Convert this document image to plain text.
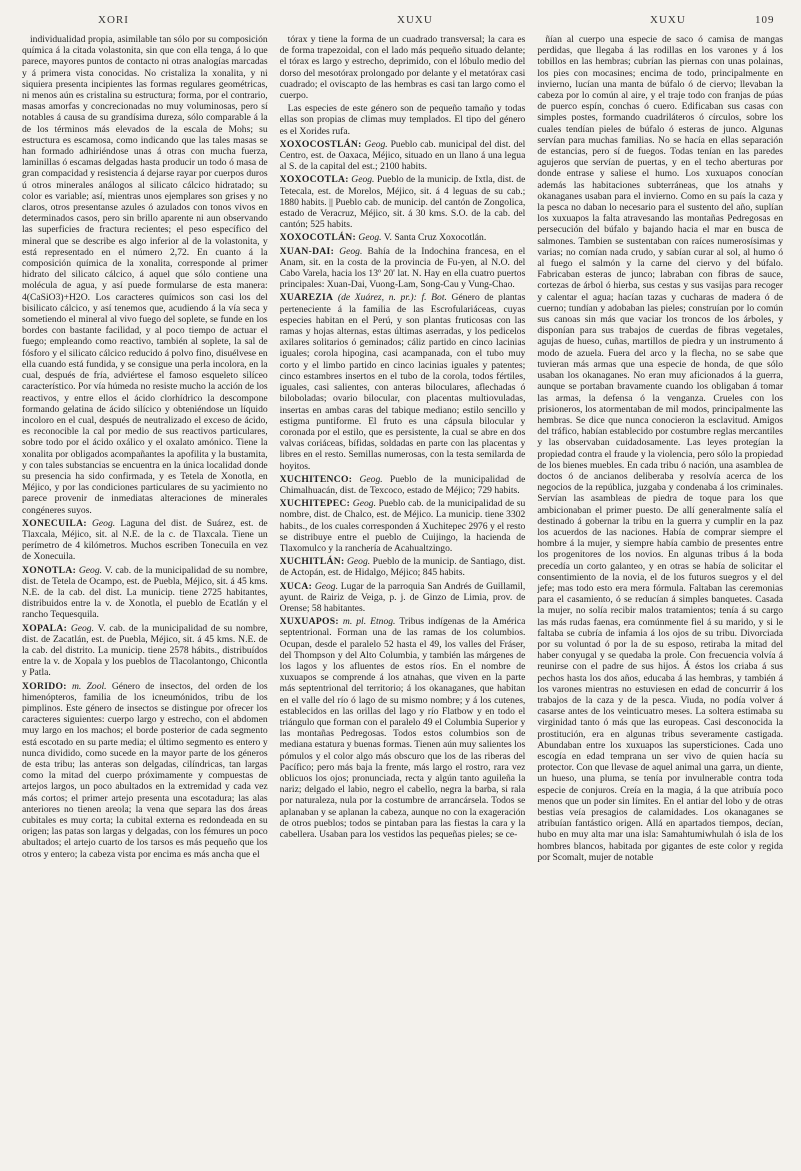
XORI	XUXU	XUXU	109

individualidad propia, asimilable tan sólo por su composición química á la citada volastonita, sin que con ella tenga, á lo que parece, mayores puntos de contacto ni otras analogías marcadas y á primera vista conocidas. No cristaliza la xonalita, y ni siquiera presenta incipientes las formas regulares geométricas, ni menos aún es cristalina su estructura; forma, por el contrario, masas amorfas y concrecionadas no muy voluminosas, pero sí notables á causa de su grandísima dureza, sólo comparable á la de los términos más elevados de la escala de Mohs; su estructura es escamosa, como indicando que las tales masas se han formado adhiriéndose unas á otras con mucha fuerza, laminillas ó escamas delgadas hasta producir un todo ó masa de gran compacidad y resistencia á dejarse rayar por cuerpos duros ú otros minerales análogos al silicato cálcico hidratado; su color es variable; así, mientras unos ejemplares son grises y no claros, otros presentanse azules ó azulados con tonos vivos en determinados casos, pero sin brillo aparente ni aun observando las superficies de fractura recientes; el peso específico del mineral que se describe es algo inferior al de la volastonita, y está representado en el número 2,72. En cuanto á la composición química de la xonalita, corresponde al primer hidrato del silicato cálcico, á aquel que sólo contiene una molécula de agua, y así puede formularse de esta manera: 4(CaSiO3)+H2O. Los caracteres químicos son casi los del bisilicato cálcico, y así tenemos que, acudiendo á la vía seca y sometiendo el mineral al vivo fuego del soplete, se funde en los bordes con bastante facilidad, y al poco tiempo de actuar el fuego; empleando como reactivo, también al soplete, la sal de fósforo y el silicato cálcico reducido á polvo fino, disuélvese en ella cuando está fundida, y se consigue una perla incolora, en la cual, después de fría, adviértese el famoso esqueleto silíceo característico. Por vía húmeda no resiste mucho la acción de los reactivos, y entre ellos el ácido clorhídrico la descompone formando gelatina de ácido silícico y obteniéndose un líquido incoloro en el cual, después de neutralizado el exceso de ácido, es reconocible la cal por medio de sus reactivos particulares, sobre todo por el ácido oxálico y el oxalato amónico. Tiene la xonalita por obligados acompañantes la apofilita y la bustamita, y con tales substancias se encuentra en la única localidad donde su presencia ha sido confirmada, y es Tetela de Xonotla, en Méjico, y por las condiciones particulares de su yacimiento no parece provenir de inmediatas alteraciones de minerales congéneres suyos.

XONECUILA: Geog. Laguna del dist. de Suárez, est. de Tlaxcala, Méjico, sit. al N.E. de la c. de Tlaxcala. Tiene un perímetro de 4 kilómetros. Muchos escriben Tonecuila en vez de Xonecuila.

XONOTLA: Geog. V. cab. de la municipalidad de su nombre, dist. de Tetela de Ocampo, est. de Puebla, Méjico, sit. á 45 kms. N.E. de la cab. del dist. La municip. tiene 2725 habitantes, distribuidos entre la v. de Xonotla, el pueblo de Ecatlán y el rancho Tequesquila.

XOPALA: Geog. V. cab. de la municipalidad de su nombre, dist. de Zacatlán, est. de Puebla, Méjico, sit. á 45 kms. N.E. de la cab. del distrito. La municip. tiene 2578 hábits., distribuídos entre la v. de Xopala y los pueblos de Tlacolantongo, Chicontla y Patla.

XORIDO: m. Zool. Género de insectos, del orden de los himenópteros, familia de los icneumónidos, tribu de los pimplinos. Este género de insectos se distingue por ofrecer los caracteres siguientes: cuerpo largo y estrecho, con el abdomen muy largo en los machos; el borde posterior de cada segmento está escotado en su parte media; el último segmento es entero y nunca dividido, como sucede en la mayor parte de los géneros de esta tribu; las anteras son delgadas, cilíndricas, tan largas como la mitad del cuerpo próximamente y compuestas de artejos largos, un poco abultados en la extremidad y cada vez más cortos; el primer artejo presenta una escotadura; las alas anteriores no tienen areola; la vena que separa las dos áreas cubitales es muy corta; la cubital externa es redondeada en su origen; las patas son largas y delgadas, con los fémures un poco abultados; el artejo cuarto de los tarsos es más pequeño que los otros y entero; la cabeza vista por encima es más ancha que el

tórax y tiene la forma de un cuadrado transversal; la cara es de forma trapezoidal, con el lado más pequeño situado delante; el tórax es largo y estrecho, deprimido, con el lóbulo medio del dorso del mesotórax prolongado por delante y el metatórax casi cuadrado; el oviscapto de las hembras es casi tan largo como el cuerpo.

Las especies de este género son de pequeño tamaño y todas ellas son propias de climas muy templados. El tipo del género es el Xorides rufa.

XOXOCOSTLÁN: Geog. Pueblo cab. municipal del dist. del Centro, est. de Oaxaca, Méjico, situado en un llano á una legua al S. de la capital del est.; 2100 habits.

XOXOCOTLA: Geog. Pueblo de la municip. de Ixtla, dist. de Tetecala, est. de Morelos, Méjico, sit. á 4 leguas de su cab.; 1880 habits. || Pueblo cab. de municip. del cantón de Zongolica, estado de Veracruz, Méjico, sit. á 30 kms. S.O. de la cab. del cantón; 525 habits.

XOXOCOTLÁN: Geog. V. Santa Cruz Xoxocotlán.

XUAN-DAI: Geog. Bahía de la Indochina francesa, en el Anam, sit. en la costa de la provincia de Fu-yen, al N.O. del Cabo Varela, hacia los 13º 20' lat. N. Hay en ella cuatro puertos principales: Xuan-Dai, Vuong-Lam, Song-Cau y Vung-Chao.

XUAREZIA (de Xuárez, n. pr.): f. Bot. Género de plantas perteneciente á la familia de las Escrofulariáceas, cuyas especies habitan en el Perú, y son plantas fruticosas con las ramas y hojas alternas, estas últimas aserradas, y los pedicelos axilares solitarios ó geminados; cáliz partido en cinco lacinias iguales; corola hipogina, casi acampanada, con el tubo muy corto y el limbo partido en cinco lacinias iguales y patentes; cinco estambres insertos en el tubo de la corola, todos fértiles, iguales, casi salientes, con anteras biloculares, aflechadas ó biloboladas; ovario bilocular, con placentas multiovuladas, insertas en ambas caras del tabique mediano; estilo sencillo y estigma puntiforme. El fruto es una cápsula bilocular y coronada por el estilo, que es persistente, la cual se abre en dos valvas coriáceas, bífidas, soldadas en parte con las placentas y libres en el resto. Semillas numerosas, con la testa semilarda de hoyitos.

XUCHITENCO: Geog. Pueblo de la municipalidad de Chimalhuacán, dist. de Texcoco, estado de Méjico; 729 habits.

XUCHITEPEC: Geog. Pueblo cab. de la municipalidad de su nombre, dist. de Chalco, est. de Méjico. La municip. tiene 3302 habits., de los cuales corresponden á Xuchitepec 2976 y el resto se distribuye entre el pueblo de Cuijingo, la hacienda de Tlaxomulco y la ranchería de Acahualtzingo.

XUCHITLÁN: Geog. Pueblo de la municip. de Santiago, dist. de Actopán, est. de Hidalgo, Méjico; 845 habits.

XUCA: Geog. Lugar de la parroquia San Andrés de Guillamil, ayunt. de Rairiz de Veiga, p. j. de Ginzo de Limia, prov. de Orense; 58 habitantes.

XUXUAPOS: m. pl. Etnog. Tribus indígenas de la América septentrional. Forman una de las ramas de los columbios. Ocupan, desde el paralelo 52 hasta el 49, los valles del Fráser, del Thompson y del Alto Columbia, y también las márgenes de los lagos y los afluentes de estos ríos. En el nombre de xuxuapos se comprende á los atnahas, que viven en la parte más septentrional del territorio; á los okanaganes, que habitan en el valle del río ó lago de su mismo nombre; y á los cutenes, establecidos en las orillas del lago y río Flatbow y en todo el triángulo que forman con el paralelo 49 el Columbia Superior y las montañas Pedregosas. Todos estos columbios son de mediana estatura y buenas formas. Tienen aún muy salientes los pómulos y el color algo más obscuro que los de las riberas del Pacífico; pero más baja la frente, más largo el rostro, rara vez oblicuos los ojos; pronunciada, recta y algún tanto aguileña la nariz; delgado el labio, negro el cabello, negra la barba, si rala por naturaleza, nula por la costumbre de arrancársela. Todos se aplanaban y se aplanan la cabeza, aunque no con la exageración de otros pueblos; todos se pintaban para las fiestas la cara y la cabellera. Usaban para los vestidos las pequeñas pieles; se ce-

ñían al cuerpo una especie de saco ó camisa de mangas perdidas, que llegaba á las rodillas en los varones y á los tobillos en las hembras; cubrían las piernas con unas polainas, los pies con mocasines; encima de todo, principalmente en invierno, lucían una manta de búfalo ó de ciervo; llevaban la cabeza por lo común al aire, y el traje todo con franjas de púas de puerco espín, conchas ó cuero. Edificaban sus casas con simples postes, formando cuadriláteros ó círculos, sobre los cuales tendían pieles de búfalo ó esteras de junco. Algunas servían para muchas familias. No se hacía en ellas separación de estancias, pero sí de fuegos. Todas tenían en las paredes agujeros que servían de puertas, y en el techo aberturas por donde entrase y saliese el humo. Los xuxuapos conocían además las habitaciones subterráneas, que los atnahs y okanaganes usaban para el invierno. Como en su país la caza y la pesca no daban lo necesario para el sustento del año, suplían los xuxuapos la falta atravesando las montañas Pedregosas en persecución del búfalo y bajando hacia el mar en busca de salmones. Tambien se sustentaban con raíces numerosísimas y varias; no comían nada crudo, y sabían curar al sol, al humo ó al fuego el salmón y la carne del ciervo y del búfalo. Fabricaban esteras de junco; labraban con fibras de sauce, cortezas de árbol ó hierba, sus cestas y sus vasijas para recoger y calentar el agua; hacían tazas y cucharas de madera ó de cuerno; tundían y adobaban las pieles; construían por lo común sus canoas sin más que vaciar los troncos de los árboles, y disponían para sus trabajos de cuerdas de fibras vegetales, agujas de hueso, cuñas, martillos de piedra y un instrumento á modo de azuela. Fuera del arco y la flecha, no se sabe que tuvieran más armas que una especie de honda, de que sólo usaban los okanaganes. No eran muy aficionados á la guerra, aunque se portaban bravamente cuando los obligaban á tomar las armas, la defensa ó la venganza. Crueles con los prisioneros, los atormentaban de mil modos, principalmente las hembras. Se dice que nunca conocieron la esclavitud. Amigos del tráfico, habían establecido por costumbre reglas mercantiles y las observaban cuidadosamente. Las leyes protegían la propiedad contra el fraude y la violencia, pero sólo la propiedad de los bienes muebles. En cada tribu ó nación, una asamblea de doctos ó de ancianos deliberaba y resolvía acerca de los negocios de la república, juzgaba y condenaba á los criminales. Servían las asambleas de piedra de toque para los que ambicionaban el primer puesto. De allí generalmente salía el destinado á gobernar la tribu en la guerra y cumplir en la paz los acuerdos de las naciones. Había de comprar siempre el hombre á la mujer, y siempre había cambio de presentes entre los progenitores de los novios. En algunas tribus á la boda precedía un corto galanteo, y en otras se había de solicitar el consentimiento de la novia, el de los futuros suegros y el del jefe; mas todo esto era mera fórmula. Faltaban las ceremonias para el casamiento, ó se reducían á simples banquetes. Casada la mujer, no solía recibir malos tratamientos; tenía á su cargo las más rudas faenas, era comúnmente fiel á su marido, y si le faltaba se cubría de infamia á los ojos de su tribu. Divorciada por su voluntad ó por la de su esposo, retiraba la mitad del haber conyugal y se quedaba la prole. Con frecuencia volvía á reunirse con el padre de sus hijos. Á éstos los criaba á sus pechos hasta los dos años, educaba á las hembras, y también á los varones mientras no estuviesen en edad de concurrir á los trabajos de la caza y de la pesca. Viuda, no podía volver á casarse antes de los veinticuatro meses. La soltera estimaba su virginidad tanto ó más que las europeas. Casi desconocida la prostitución, era en algunas tribus severamente castigada. Abundaban entre los xuxuapos las supersticiones. Cada uno escogía en edad temprana un ser vivo de quien hacía su protector. Con que llevase de aquel animal una garra, un diente, un hueso, una pluma, se tenía por invulnerable contra toda especie de conjuros. Creía en la magia, á la que atribuía poco menos que un poder sin límites. En el antiar del lobo y de otras bestias veía presagios de calamidades. Los okanaganes se atribuían fantástico origen. Allá en apartados tiempos, decían, hubo en muy alta mar una isla: Samahtumiwhulah ó isla de los hombres blancos, habitada por gigantes de este color y regida por Scomalt, mujer de notable
